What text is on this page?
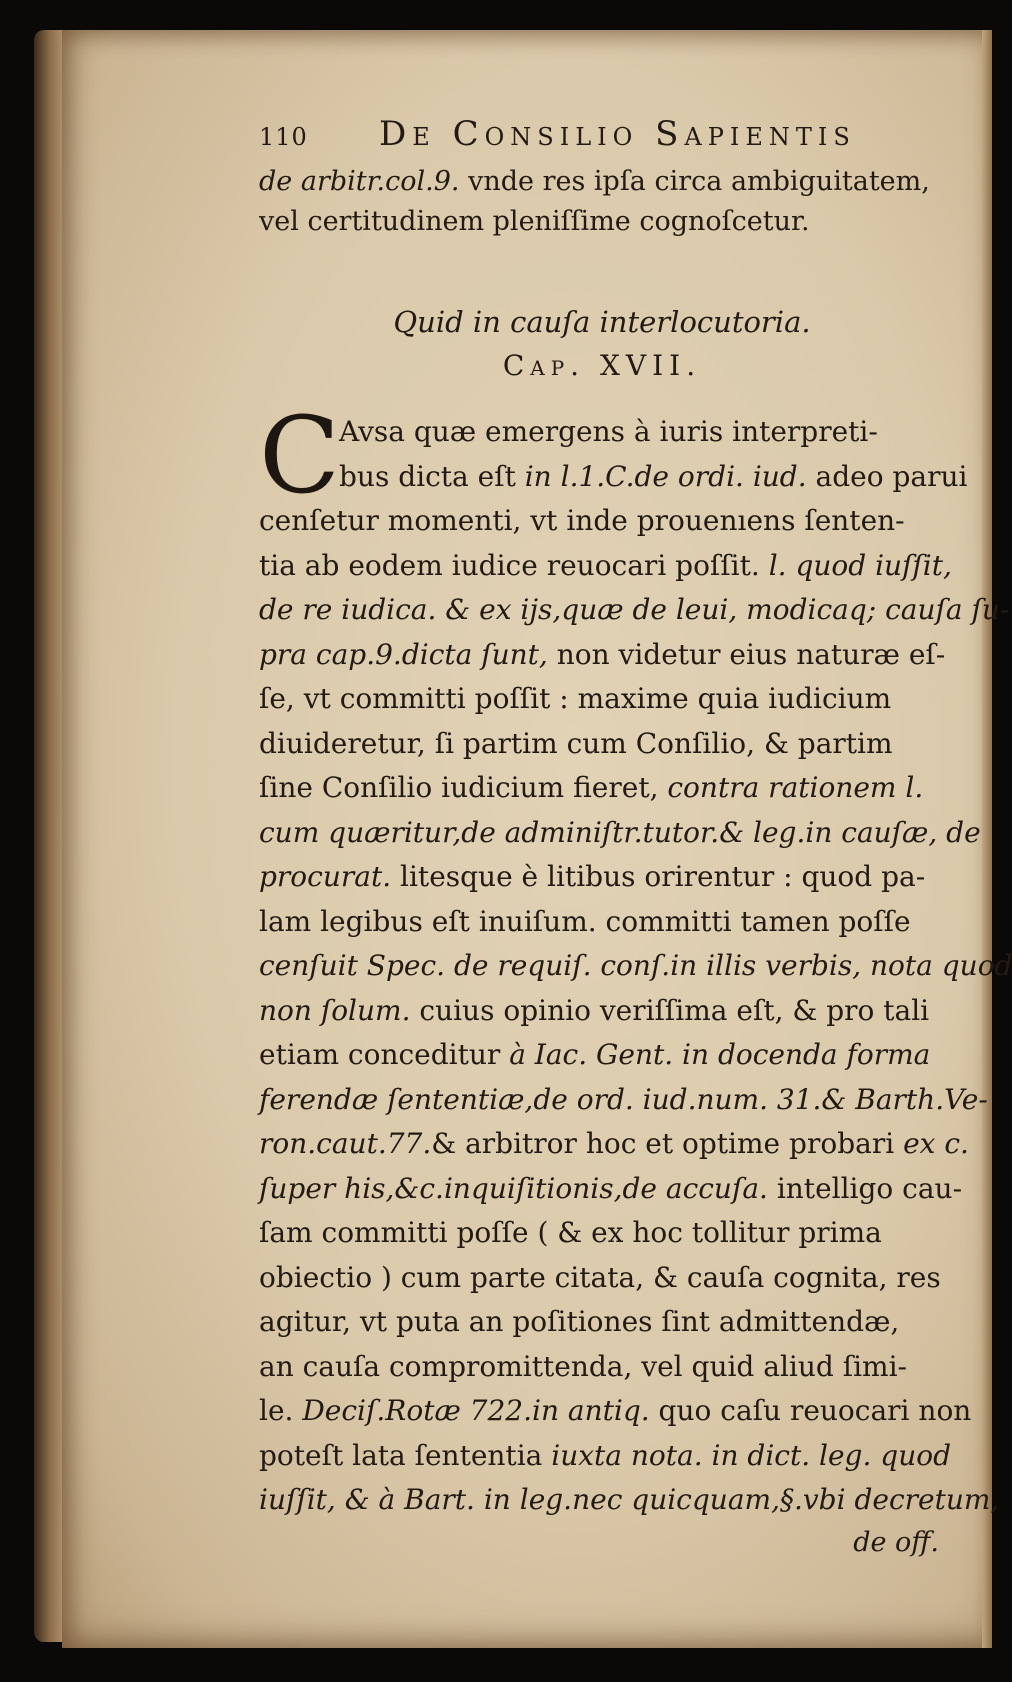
110	De Consilio Sapientis
de arbitr.col.9. vnde res ipſa circa ambiguitatem,
vel certitudinem pleniſſime cognoſcetur.
Quid in cauſa interlocutoria.
Cap. XVII.
C
Avsa quæ emergens à iuris interpreti-
bus dicta eſt in l.1.C.de ordi. iud. adeo parui
cenſetur momenti, vt inde prouenıens ſenten-
tia ab eodem iudice reuocari poſſit. l. quod iuſſit,
de re iudica. & ex ijs,quæ de leui, modicaq; cauſa ſu-
pra cap.9.dicta ſunt, non videtur eius naturæ eſ-
ſe, vt committi poſſit : maxime quia iudicium
diuideretur, ſi partim cum Conſilio, & partim
ſine Conſilio iudicium fieret, contra rationem l.
cum quæritur,de adminiſtr.tutor.& leg.in cauſæ, de
procurat. litesque è litibus orirentur : quod pa-
lam legibus eſt inuiſum. committi tamen poſſe
cenſuit Spec. de requiſ. conſ.in illis verbis, nota quod
non ſolum. cuius opinio veriſſima eſt, & pro tali
etiam conceditur à Iac. Gent. in docenda forma
ferendæ ſententiæ,de ord. iud.num. 31.& Barth.Ve-
ron.caut.77.& arbitror hoc et optime probari ex c.
ſuper his,&c.inquiſitionis,de accuſa. intelligo cau-
ſam committi poſſe ( & ex hoc tollitur prima
obiectio ) cum parte citata, & cauſa cognita, res
agitur, vt puta an poſitiones ſint admittendæ,
an cauſa compromittenda, vel quid aliud ſimi-
le. Deciſ.Rotæ 722.in antiq. quo caſu reuocari non
poteſt lata ſententia iuxta nota. in dict. leg. quod
iuſſit, & à Bart. in leg.nec quicquam,§.vbi decretum,
de off.
